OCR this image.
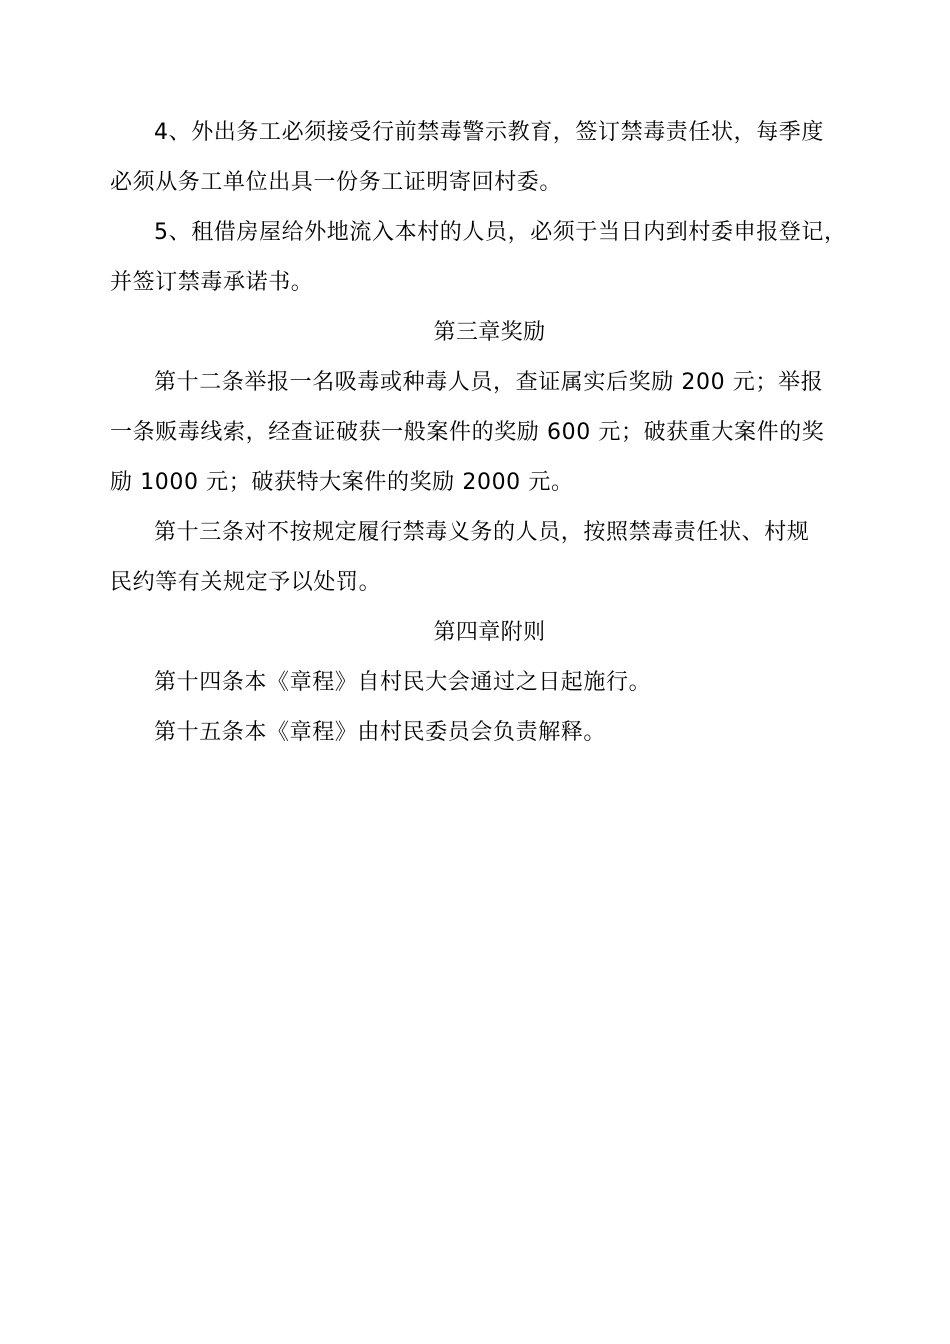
4、外出务工必须接受行前禁毒警示教育，签订禁毒责任状，每季度
必须从务工单位出具一份务工证明寄回村委。
5、租借房屋给外地流入本村的人员，必须于当日内到村委申报登记，
并签订禁毒承诺书。
第三章奖励
第十二条举报一名吸毒或种毒人员，查证属实后奖励 200 元；举报
一条贩毒线索，经查证破获一般案件的奖励 600 元；破获重大案件的奖
励 1000 元；破获特大案件的奖励 2000 元。
第十三条对不按规定履行禁毒义务的人员，按照禁毒责任状、村规
民约等有关规定予以处罚。
第四章附则
第十四条本《章程》自村民大会通过之日起施行。
第十五条本《章程》由村民委员会负责解释。
